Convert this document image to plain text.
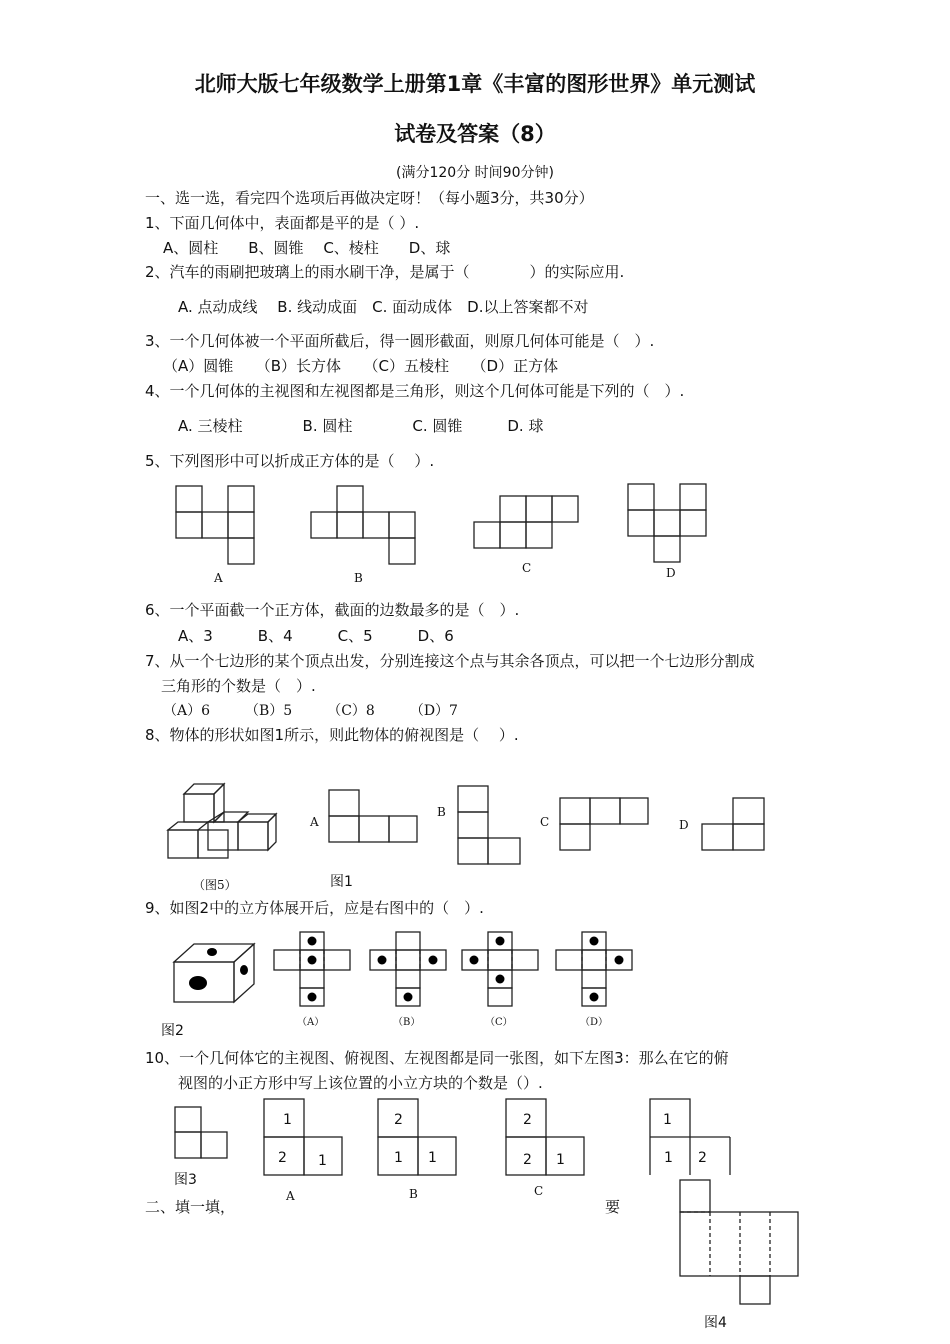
北师大版七年级数学上册第1章《丰富的图形世界》单元测试
试卷及答案（8）
(满分120分 时间90分钟)
一、选一选，看完四个选项后再做决定呀！（每小题3分，共30分）
1、下面几何体中，表面都是平的是（ ）.
A、圆柱　　B、圆锥　 C、棱柱　　D、球
2、汽车的雨刷把玻璃上的雨水刷干净，是属于（　　　　）的实际应用.
A. 点动成线　 B. 线动成面　C. 面动成体　D.以上答案都不对
3、一个几何体被一个平面所截后，得一圆形截面，则原几何体可能是（　）.
（A）圆锥　　（B）长方体　　（C）五棱柱　　（D）正方体
4、一个几何体的主视图和左视图都是三角形，则这个几何体可能是下列的（　）.
A. 三棱柱　　　　B. 圆柱　　　　C. 圆锥　　　D. 球
5、下列图形中可以折成正方体的是（　 ）.
A	B
C	D
6、一个平面截一个正方体，截面的边数最多的是（　）.
A、3　　　B、4　　　C、5　　　D、6
7、从一个七边形的某个顶点出发，分别连接这个点与其余各顶点，可以把一个七边形分割成
三角形的个数是（　）.
（A）6　　　（B）5　　　（C）8　　　（D）7
8、物体的形状如图1所示，则此物体的俯视图是（　 ）.
（图5）	图1
A
B
C	D
9、如图2中的立方体展开后，应是右图中的（　）.
图2
（A）	（B）	（C）	（D）
10、一个几何体它的主视图、俯视图、左视图都是同一张图，如下左图3：那么在它的俯
视图的小正方形中写上该位置的小立方块的个数是（）.
图3
1
2 1
A
2
1 1
B
2
2 1
C
1
1 2
二、填一填，	要
图4
